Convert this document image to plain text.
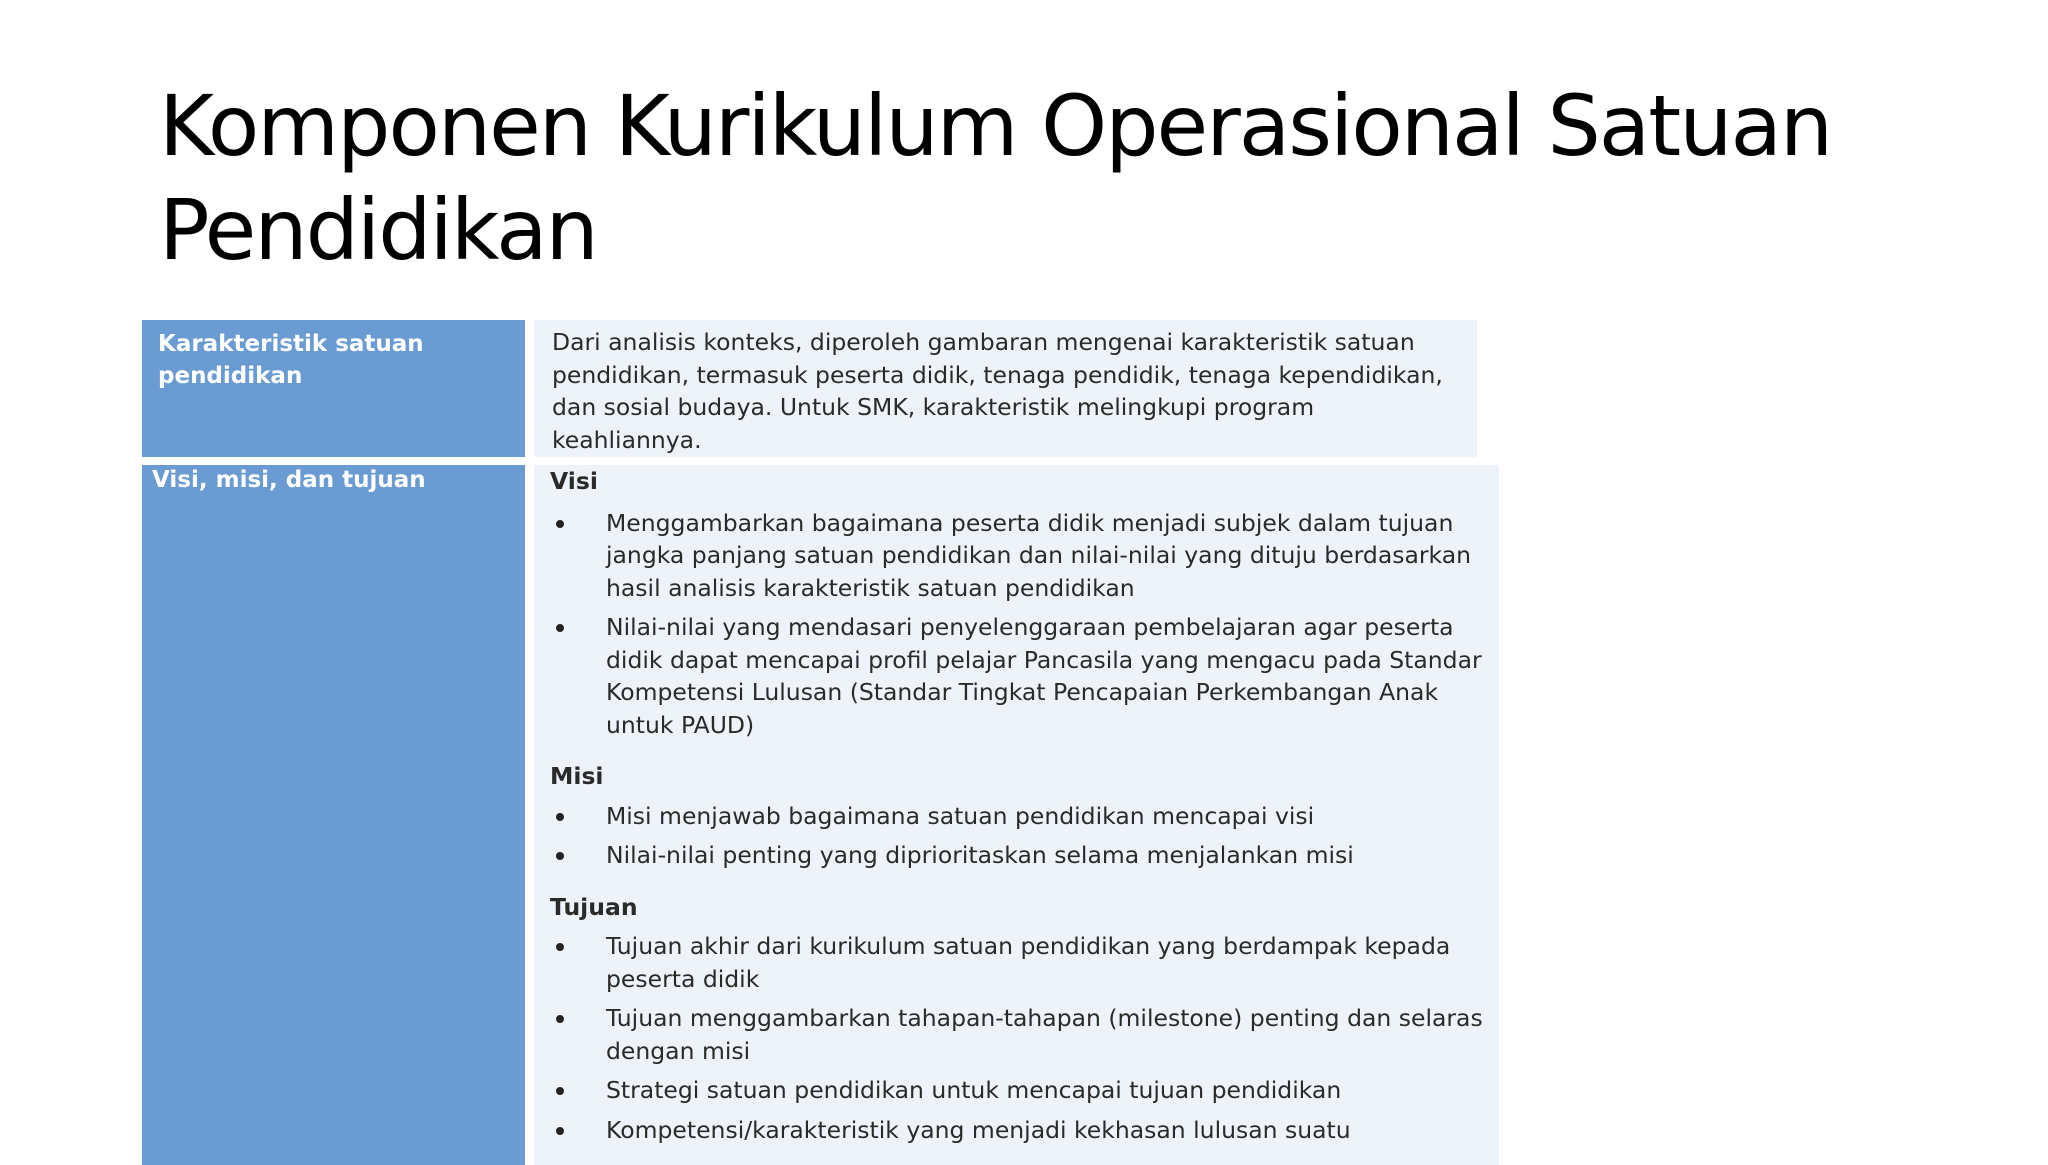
Komponen Kurikulum Operasional Satuan
Pendidikan
Karakteristik satuan pendidikan
Dari analisis konteks, diperoleh gambaran mengenai karakteristik satuan pendidikan, termasuk peserta didik, tenaga pendidik, tenaga kependidikan, dan sosial budaya. Untuk SMK, karakteristik melingkupi program keahliannya.
Visi, misi, dan tujuan	Visi
Menggambarkan bagaimana peserta didik menjadi subjek dalam tujuan jangka panjang satuan pendidikan dan nilai-nilai yang dituju berdasarkan hasil analisis karakteristik satuan pendidikan
Nilai-nilai yang mendasari penyelenggaraan pembelajaran agar peserta didik dapat mencapai profil pelajar Pancasila yang mengacu pada Standar Kompetensi Lulusan (Standar Tingkat Pencapaian Perkembangan Anak untuk PAUD)
Misi
Misi menjawab bagaimana satuan pendidikan mencapai visi
Nilai-nilai penting yang diprioritaskan selama menjalankan misi
Tujuan
Tujuan akhir dari kurikulum satuan pendidikan yang berdampak kepada peserta didik
Tujuan menggambarkan tahapan-tahapan (milestone) penting dan selaras dengan misi
Strategi satuan pendidikan untuk mencapai tujuan pendidikan
Kompetensi/karakteristik yang menjadi kekhasan lulusan suatu
